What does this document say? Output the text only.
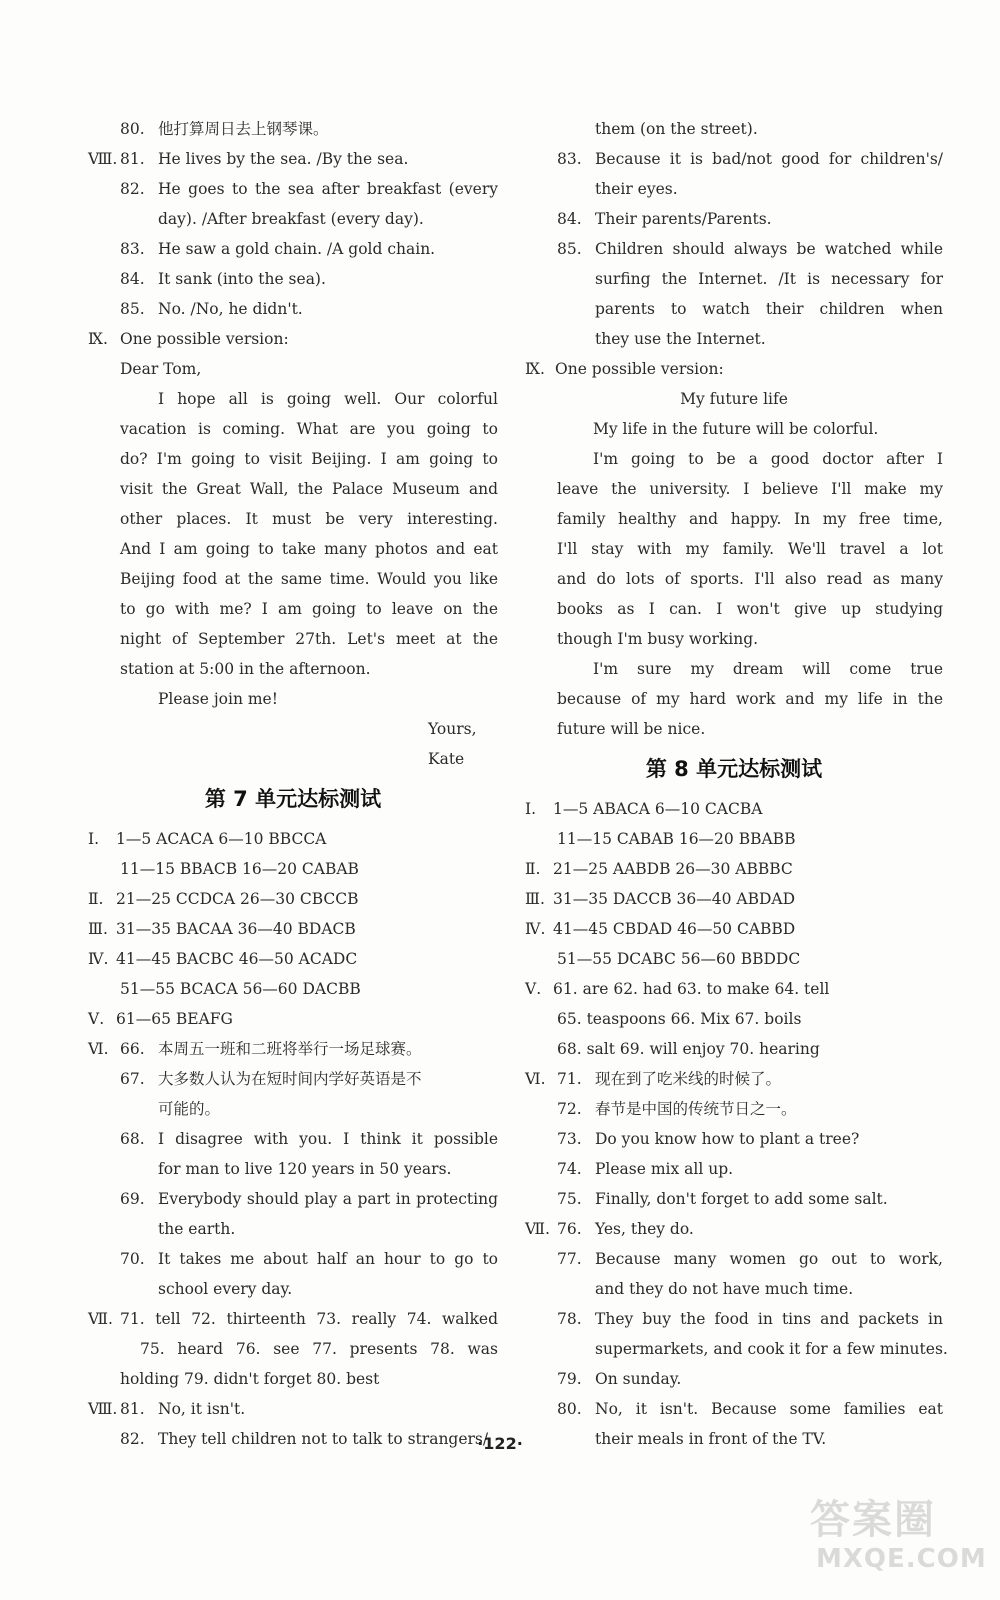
80. 他打算周日去上钢琴课。
Ⅷ. 81. He lives by the sea. /By the sea.
82. He goes to the sea after breakfast (every
day). /After breakfast (every day).
83. He saw a gold chain. /A gold chain.
84. It sank (into the sea).
85. No. /No, he didn't.
Ⅸ. One possible version:
Dear Tom,
I hope all is going well. Our colorful
vacation is coming. What are you going to
do? I'm going to visit Beijing. I am going to
visit the Great Wall, the Palace Museum and
other places. It must be very interesting.
And I am going to take many photos and eat
Beijing food at the same time. Would you like
to go with me? I am going to leave on the
night of September 27th. Let's meet at the
station at 5:00 in the afternoon.
Please join me!
Yours,
Kate
第 7 单元达标测试
Ⅰ. 1—5 ACACA 6—10 BBCCA
11—15 BBACB 16—20 CABAB
Ⅱ. 21—25 CCDCA 26—30 CBCCB
Ⅲ. 31—35 BACAA 36—40 BDACB
Ⅳ. 41—45 BACBC 46—50 ACADC
51—55 BCACA 56—60 DACBB
Ⅴ. 61—65 BEAFG
Ⅵ. 66. 本周五一班和二班将举行一场足球赛。
67. 大多数人认为在短时间内学好英语是不
可能的。
68. I disagree with you. I think it possible
for man to live 120 years in 50 years.
69. Everybody should play a part in protecting
the earth.
70. It takes me about half an hour to go to
school every day.
Ⅶ. 71. tell 72. thirteenth 73. really 74. walked
75. heard 76. see 77. presents 78. was
holding 79. didn't forget 80. best
Ⅷ. 81. No, it isn't.
82. They tell children not to talk to strangers/
them (on the street).
83. Because it is bad/not good for children's/
their eyes.
84. Their parents/Parents.
85. Children should always be watched while
surfing the Internet. /It is necessary for
parents to watch their children when
they use the Internet.
Ⅸ. One possible version:
My future life
My life in the future will be colorful.
I'm going to be a good doctor after I
leave the university. I believe I'll make my
family healthy and happy. In my free time,
I'll stay with my family. We'll travel a lot
and do lots of sports. I'll also read as many
books as I can. I won't give up studying
though I'm busy working.
I'm sure my dream will come true
because of my hard work and my life in the
future will be nice.
第 8 单元达标测试
Ⅰ. 1—5 ABACA 6—10 CACBA
11—15 CABAB 16—20 BBABB
Ⅱ. 21—25 AABDB 26—30 ABBBC
Ⅲ. 31—35 DACCB 36—40 ABDAD
Ⅳ. 41—45 CBDAD 46—50 CABBD
51—55 DCABC 56—60 BBDDC
Ⅴ. 61. are 62. had 63. to make 64. tell
65. teaspoons 66. Mix 67. boils
68. salt 69. will enjoy 70. hearing
Ⅵ. 71. 现在到了吃米线的时候了。
72. 春节是中国的传统节日之一。
73. Do you know how to plant a tree?
74. Please mix all up.
75. Finally, don't forget to add some salt.
Ⅶ. 76. Yes, they do.
77. Because many women go out to work,
and they do not have much time.
78. They buy the food in tins and packets in
supermarkets, and cook it for a few minutes.
79. On sunday.
80. No, it isn't. Because some families eat
their meals in front of the TV.
·122·
答案圈
MXQE.COM
